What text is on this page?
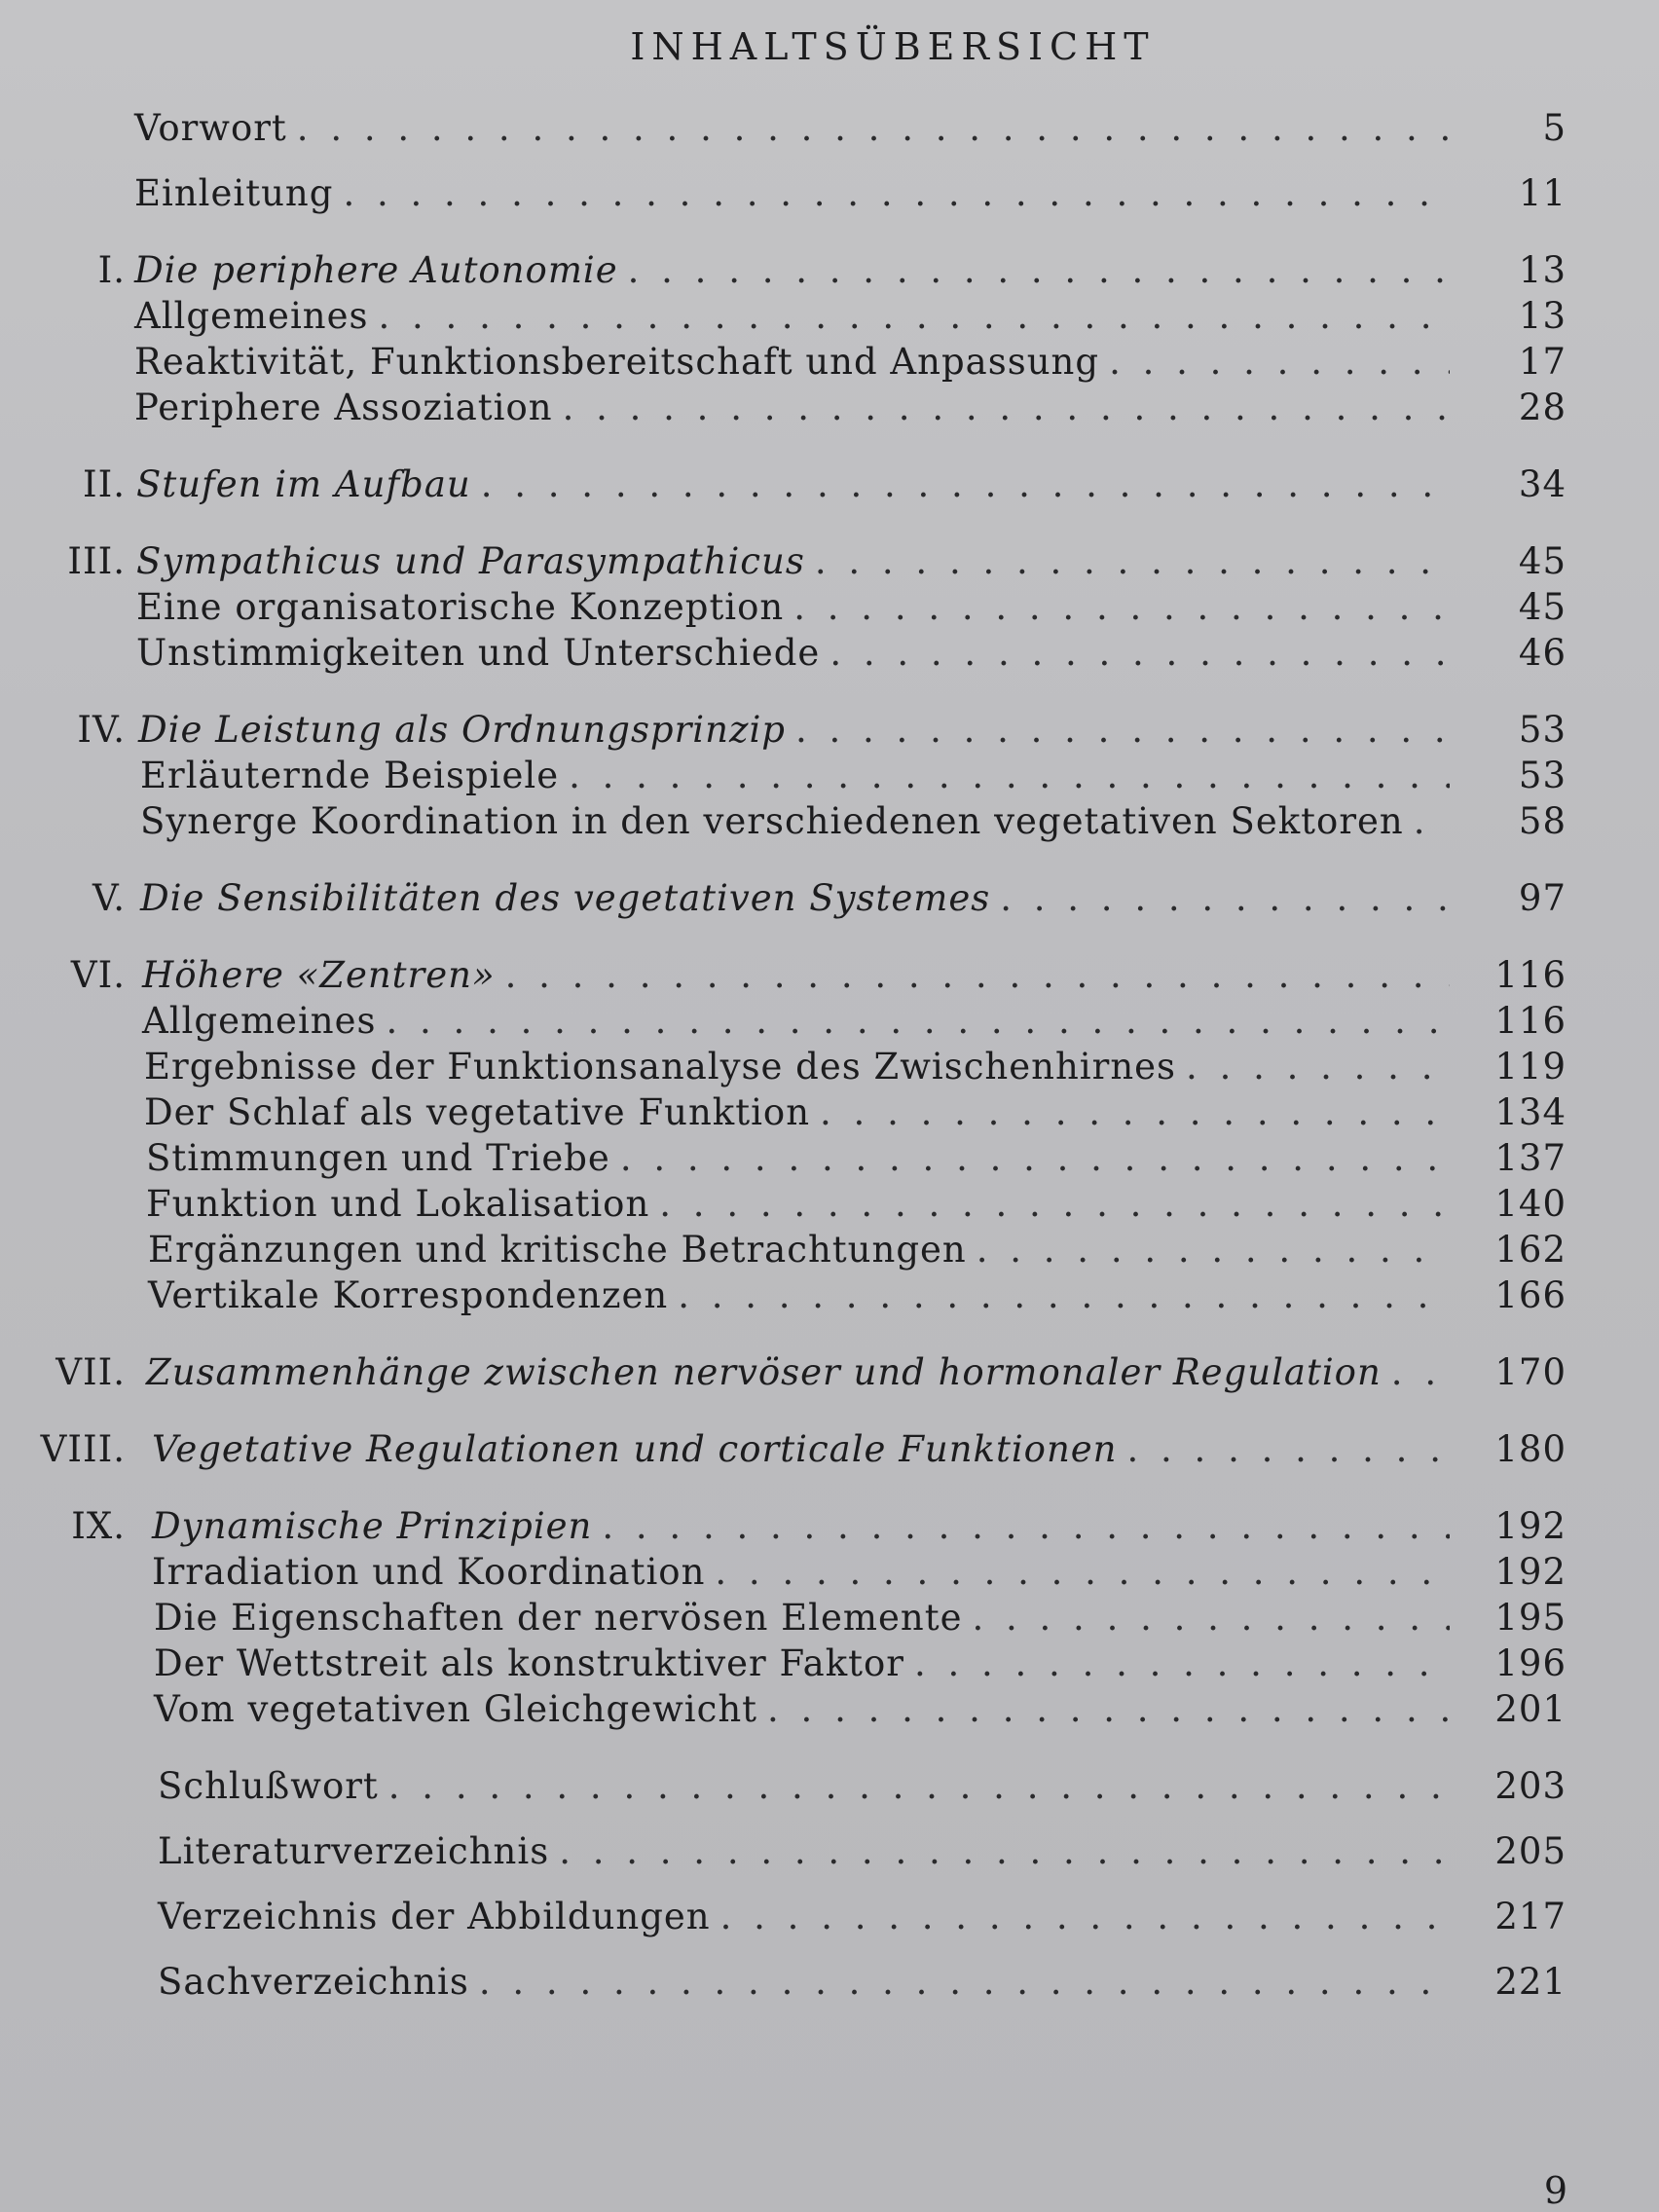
INHALTSÜBERSICHT
Vorwort . . .	5
Einleitung . . .	11
I. Die periphere Autonomie . . .	13
Allgemeines . . .	13
Reaktivität, Funktionsbereitschaft und Anpassung . . .	17
Periphere Assoziation . . .	28
II. Stufen im Aufbau . . .	34
III. Sympathicus und Parasympathicus . . .	45
Eine organisatorische Konzeption . . .	45
Unstimmigkeiten und Unterschiede . . .	46
IV. Die Leistung als Ordnungsprinzip . . .	53
Erläuternde Beispiele . . .	53
Synerge Koordination in den verschiedenen vegetativen Sektoren . . .	58
V. Die Sensibilitäten des vegetativen Systemes . . .	97
VI. Höhere «Zentren» . . .	116
Allgemeines . . .	116
Ergebnisse der Funktionsanalyse des Zwischenhirnes . . .	119
Der Schlaf als vegetative Funktion . . .	134
Stimmungen und Triebe . . .	137
Funktion und Lokalisation . . .	140
Ergänzungen und kritische Betrachtungen . . .	162
Vertikale Korrespondenzen . . .	166
VII. Zusammenhänge zwischen nervöser und hormonaler Regulation . . .	170
VIII. Vegetative Regulationen und corticale Funktionen . . .	180
IX. Dynamische Prinzipien . . .	192
Irradiation und Koordination . . .	192
Die Eigenschaften der nervösen Elemente . . .	195
Der Wettstreit als konstruktiver Faktor . . .	196
Vom vegetativen Gleichgewicht . . .	201
Schlußwort . . .	203
Literaturverzeichnis . . .	205
Verzeichnis der Abbildungen . . .	217
Sachverzeichnis . . .	221
9
